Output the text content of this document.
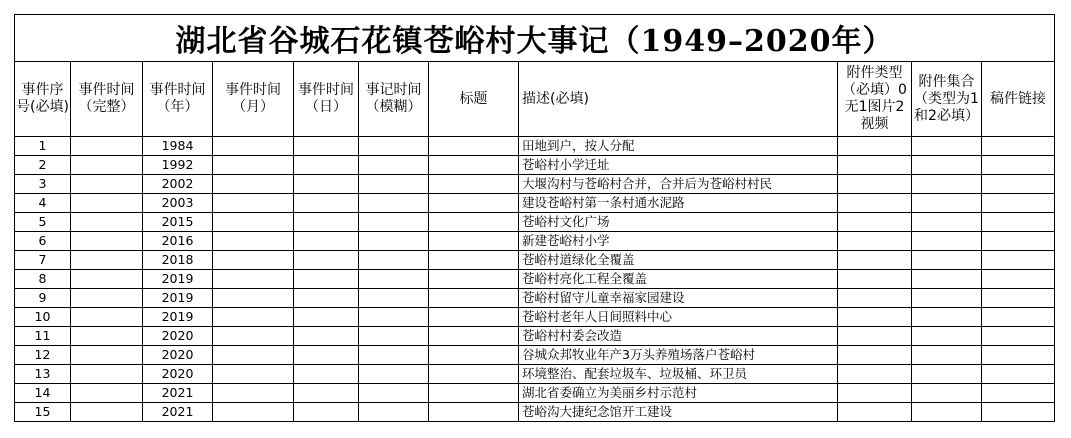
湖北省谷城石花镇苍峪村大事记（1949–2020年）										
事件序号(必填)	事件时间（完整）	事件时间（年）	事件时间（月）	事件时间（日）	事记时间（模糊）	标题	描述(必填)	附件类型（必填）0无1图片2视频	附件集合（类型为1和2必填）	稿件链接
1		1984					田地到户，按人分配			
2		1992					苍峪村小学迁址			
3		2002					大堰沟村与苍峪村合并，合并后为苍峪村村民			
4		2003					建设苍峪村第一条村通水泥路			
5		2015					苍峪村文化广场			
6		2016					新建苍峪村小学			
7		2018					苍峪村道绿化全覆盖			
8		2019					苍峪村亮化工程全覆盖			
9		2019					苍峪村留守儿童幸福家园建设			
10		2019					苍峪村老年人日间照料中心			
11		2020					苍峪村村委会改造			
12		2020					谷城众邦牧业年产3万头养殖场落户苍峪村			
13		2020					环境整治、配套垃圾车、垃圾桶、环卫员			
14		2021					湖北省委确立为美丽乡村示范村			
15		2021					苍峪沟大捷纪念馆开工建设			
